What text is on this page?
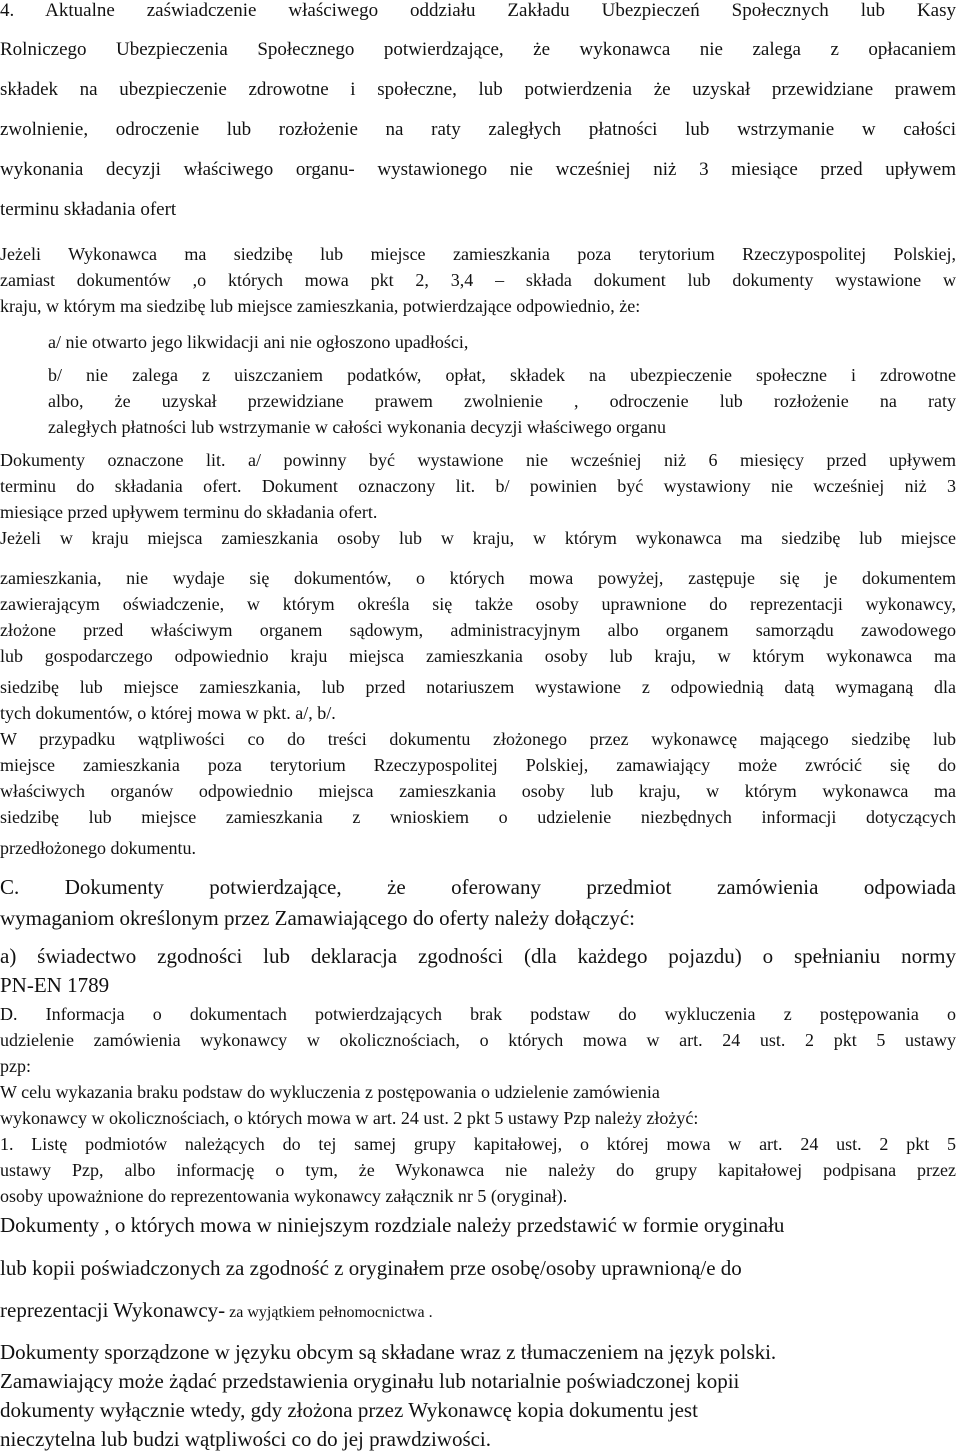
4. Aktualne zaświadczenie właściwego oddziału Zakładu Ubezpieczeń Społecznych lub Kasy

Rolniczego Ubezpieczenia Społecznego potwierdzające, że wykonawca nie zalega z opłacaniem

składek na ubezpieczenie zdrowotne i społeczne, lub potwierdzenia że uzyskał przewidziane prawem

zwolnienie, odroczenie lub rozłożenie na raty zaległych płatności lub wstrzymanie w całości

wykonania decyzji właściwego organu- wystawionego nie wcześniej niż 3 miesiące przed upływem

terminu składania ofert

Jeżeli Wykonawca ma siedzibę lub miejsce zamieszkania poza terytorium Rzeczypospolitej Polskiej,

zamiast dokumentów ,o których mowa pkt 2, 3,4 – składa dokument lub dokumenty wystawione w

kraju, w którym ma siedzibę lub miejsce zamieszkania, potwierdzające odpowiednio, że:

a/ nie otwarto jego likwidacji ani nie ogłoszono upadłości,

b/ nie zalega z uiszczaniem podatków, opłat, składek na ubezpieczenie społeczne i zdrowotne

albo, że uzyskał przewidziane prawem zwolnienie , odroczenie lub rozłożenie na raty

zaległych płatności lub wstrzymanie w całości wykonania decyzji właściwego organu

Dokumenty oznaczone lit. a/ powinny być wystawione nie wcześniej niż 6 miesięcy przed upływem

terminu do składania ofert. Dokument oznaczony lit. b/ powinien być wystawiony nie wcześniej niż 3

miesiące przed upływem terminu do składania ofert.

Jeżeli w kraju miejsca zamieszkania osoby lub w kraju, w którym wykonawca ma siedzibę lub miejsce

zamieszkania, nie wydaje się dokumentów, o których mowa powyżej, zastępuje się je dokumentem

zawierającym oświadczenie, w którym określa się także osoby uprawnione do reprezentacji wykonawcy,

złożone przed właściwym organem sądowym, administracyjnym albo organem samorządu zawodowego

lub gospodarczego odpowiednio kraju miejsca zamieszkania osoby lub kraju, w którym wykonawca ma

siedzibę lub miejsce zamieszkania, lub przed notariuszem wystawione z odpowiednią datą wymaganą dla

tych dokumentów, o której mowa w pkt. a/, b/.

W przypadku wątpliwości co do treści dokumentu złożonego przez wykonawcę mającego siedzibę lub

miejsce zamieszkania poza terytorium Rzeczypospolitej Polskiej, zamawiający może zwrócić się do

właściwych organów odpowiednio miejsca zamieszkania osoby lub kraju, w którym wykonawca ma

siedzibę lub miejsce zamieszkania z wnioskiem o udzielenie niezbędnych informacji dotyczących

przedłożonego dokumentu.

C. Dokumenty potwierdzające, że oferowany przedmiot zamówienia odpowiada

wymaganiom określonym przez Zamawiającego do oferty należy dołączyć:

a) świadectwo zgodności lub deklaracja zgodności (dla każdego pojazdu) o spełnianiu normy

PN-EN 1789

D. Informacja o dokumentach potwierdzających brak podstaw do wykluczenia z postępowania o

udzielenie zamówienia wykonawcy w okolicznościach, o których mowa w art. 24 ust. 2 pkt 5 ustawy

pzp:

W celu wykazania braku podstaw do wykluczenia z postępowania o udzielenie zamówienia

wykonawcy w okolicznościach, o których mowa w art. 24 ust. 2 pkt 5 ustawy Pzp należy złożyć:

1. Listę podmiotów należących do tej samej grupy kapitałowej, o której mowa w art. 24 ust. 2 pkt 5

ustawy Pzp, albo informację o tym, że Wykonawca nie należy do grupy kapitałowej podpisana przez

osoby upoważnione do reprezentowania wykonawcy załącznik nr 5 (oryginał).

Dokumenty , o których mowa w niniejszym rozdziale należy przedstawić w formie oryginału

lub kopii poświadczonych za zgodność z oryginałem prze osobę/osoby uprawnioną/e do

reprezentacji Wykonawcy- za wyjątkiem pełnomocnictwa .

Dokumenty sporządzone w języku obcym są składane wraz z tłumaczeniem na język polski.

Zamawiający może żądać przedstawienia oryginału lub notarialnie poświadczonej kopii

dokumenty wyłącznie wtedy, gdy złożona przez Wykonawcę kopia dokumentu jest

nieczytelna lub budzi wątpliwości co do jej prawdziwości.
